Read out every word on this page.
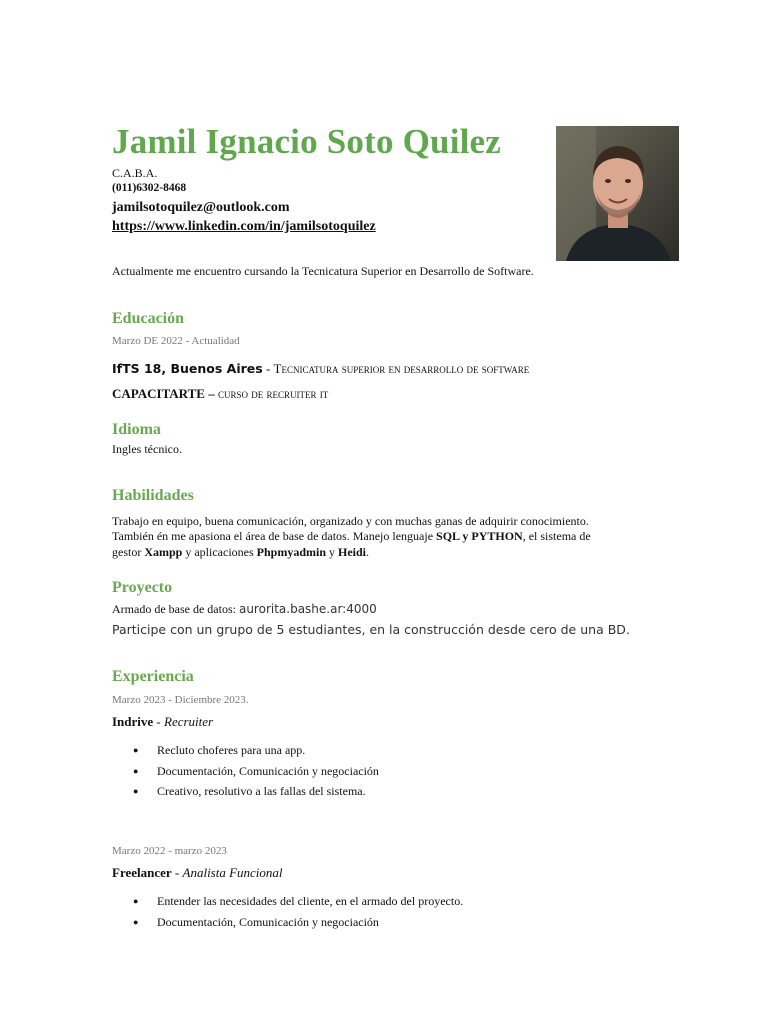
Jamil Ignacio Soto Quilez
C.A.B.A.
(011)6302-8468
jamilsotoquilez@outlook.com
https://www.linkedin.com/in/jamilsotoquilez
Actualmente me encuentro cursando la Tecnicatura Superior en Desarrollo de Software.
Educación
Marzo DE 2022 - Actualidad
IfTS 18, Buenos Aires - Tecnicatura superior en desarrollo de software
CAPACITARTE – curso de recruiter it
Idioma
Ingles técnico.
Habilidades
Trabajo en equipo, buena comunicación, organizado y con muchas ganas de adquirir conocimiento.
También én me apasiona el área de base de datos. Manejo lenguaje SQL y PYTHON, el sistema de
gestor Xampp y aplicaciones Phpmyadmin y Heidi.
Proyecto
Armado de base de datos: aurorita.bashe.ar:4000
Participe con un grupo de 5 estudiantes, en la construcción desde cero de una BD.
Experiencia
Marzo 2023 - Diciembre 2023.
Indrive - Recruiter
● Recluto choferes para una app.
● Documentación, Comunicación y negociación
● Creativo, resolutivo a las fallas del sistema.
Marzo 2022 - marzo 2023
Freelancer - Analista Funcional
● Entender las necesidades del cliente, en el armado del proyecto.
● Documentación, Comunicación y negociación
